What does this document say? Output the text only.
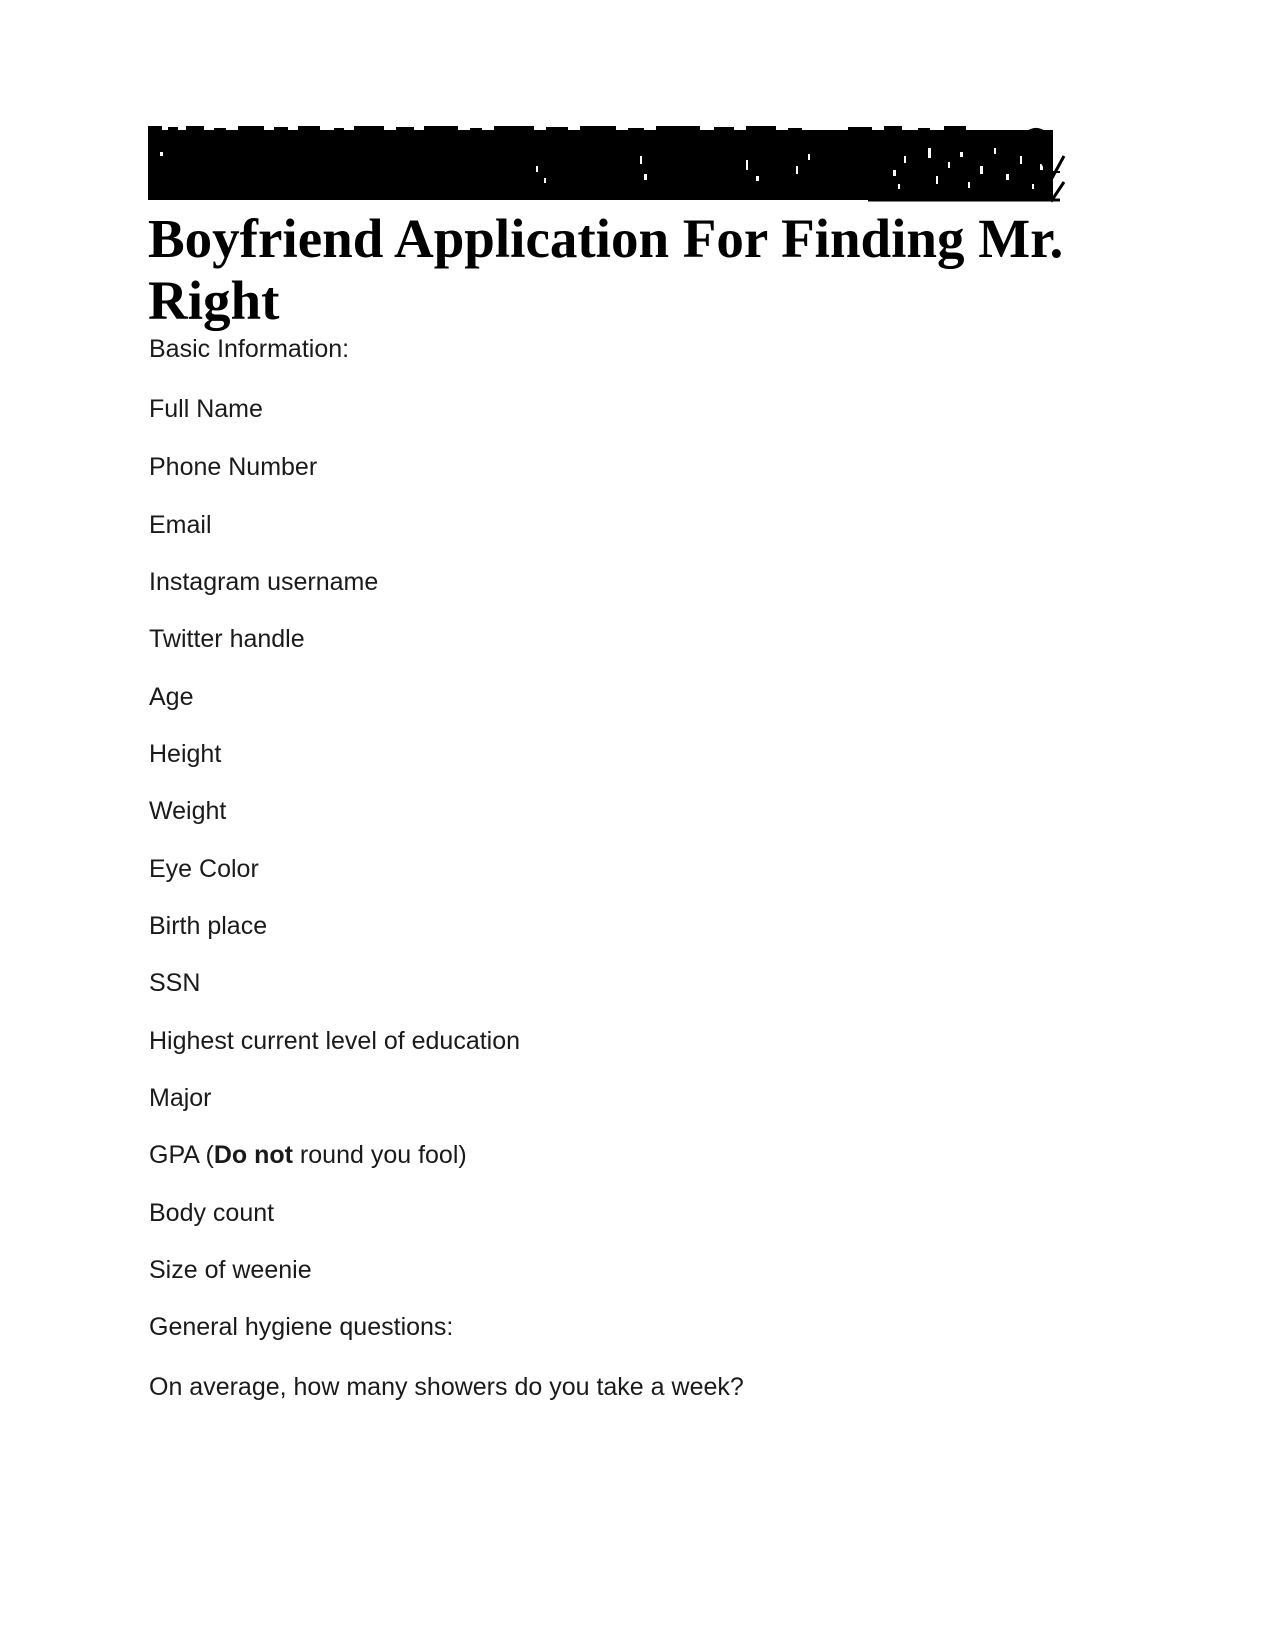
Boyfriend Application For Finding Mr. Right

Basic Information:

Full Name

Phone Number

Email

Instagram username

Twitter handle

Age

Height

Weight

Eye Color

Birth place

SSN

Highest current level of education

Major

GPA (Do not round you fool)

Body count

Size of weenie

General hygiene questions:

On average, how many showers do you take a week?
